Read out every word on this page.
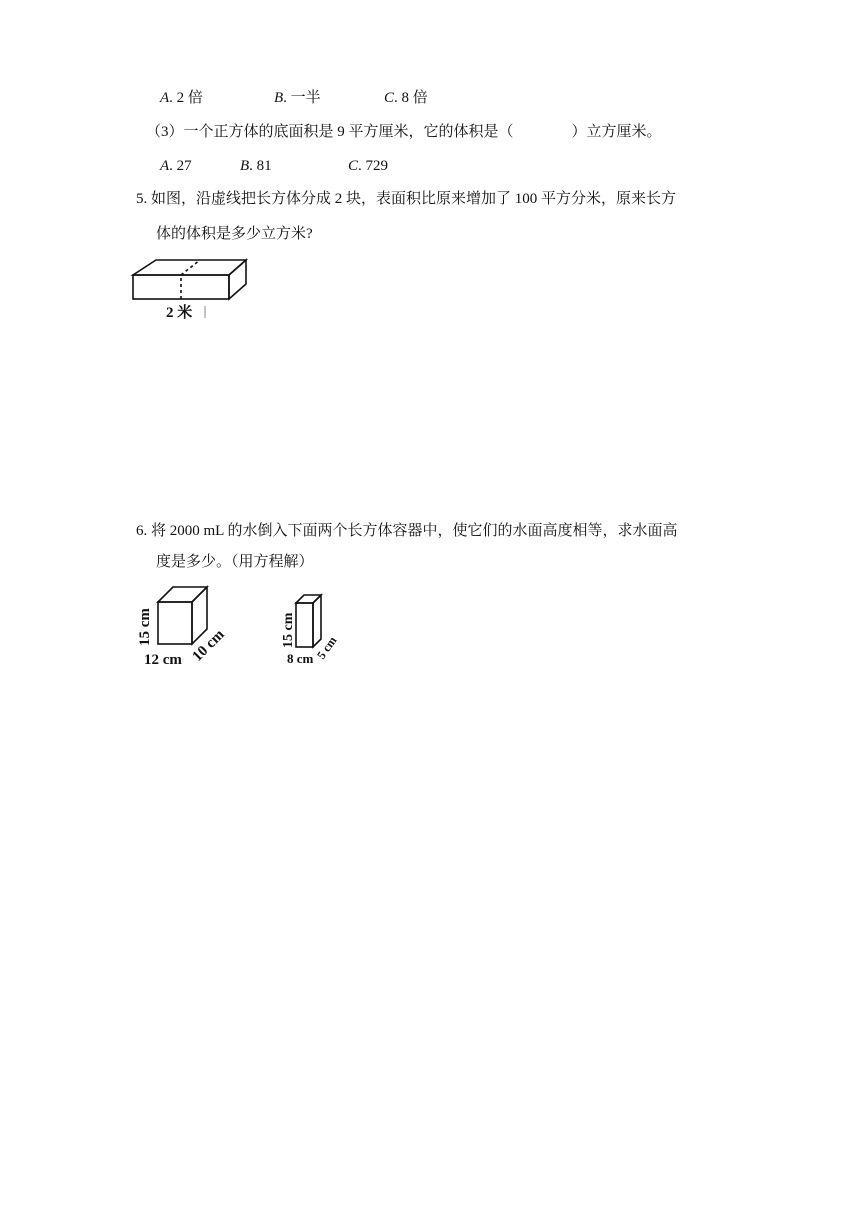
A. 2 倍	B. 一半	C. 8 倍
（3）一个正方体的底面积是 9 平方厘米，它的体积是（	）立方厘米。
A. 27	B. 81	C. 729
5. 如图，沿虚线把长方体分成 2 块，表面积比原来增加了 100 平方分米，原来长方
体的体积是多少立方米?
2 米
6. 将 2000 mL 的水倒入下面两个长方体容器中，使它们的水面高度相等，求水面高
度是多少。（用方程解）
15 cm
12 cm 10 cm	15 cm
8 cm 5 cm
